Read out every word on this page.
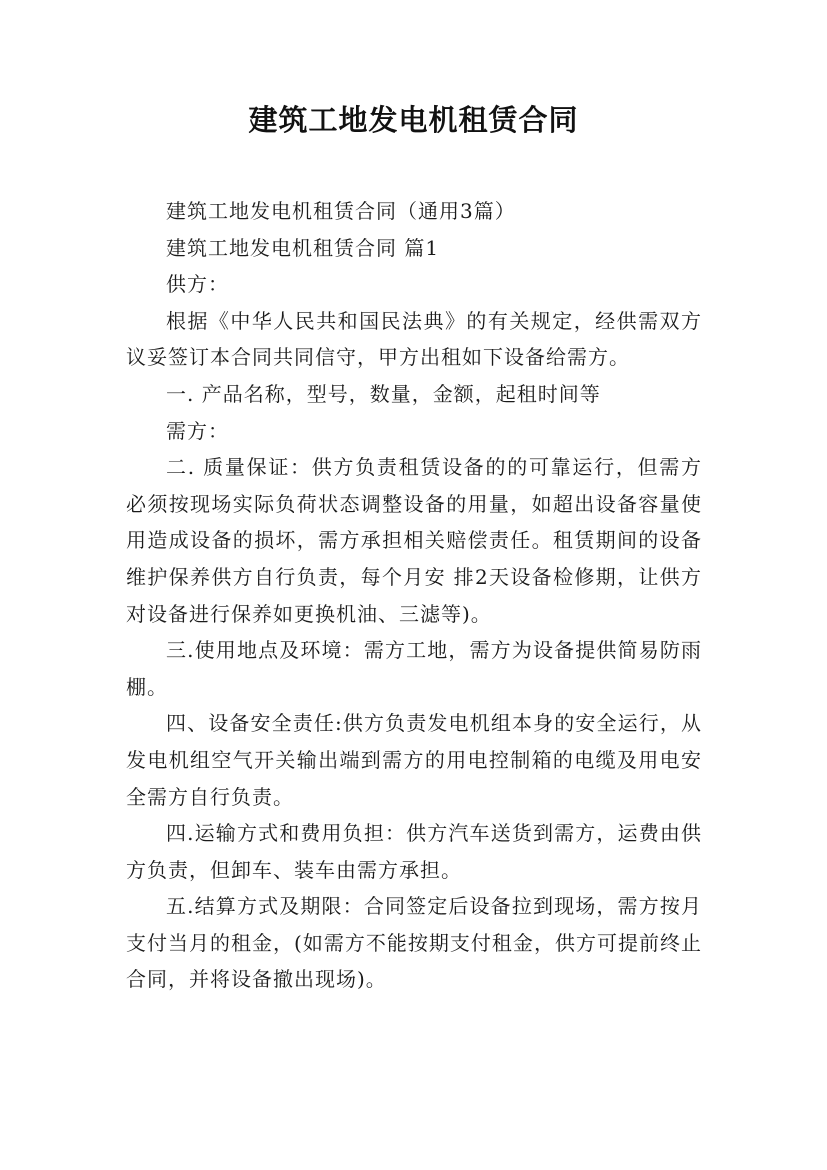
建筑工地发电机租赁合同

建筑工地发电机租赁合同（通用3篇）

建筑工地发电机租赁合同 篇1

供方：

根据《中华人民共和国民法典》的有关规定，经供需双方议妥签订本合同共同信守，甲方出租如下设备给需方。

一. 产品名称，型号，数量，金额，起租时间等

需方：

二. 质量保证：供方负责租赁设备的的可靠运行，但需方必须按现场实际负荷状态调整设备的用量，如超出设备容量使用造成设备的损坏，需方承担相关赔偿责任。租赁期间的设备维护保养供方自行负责，每个月安 排2天设备检修期，让供方对设备进行保养如更换机油、三滤等)。

三.使用地点及环境：需方工地，需方为设备提供简易防雨棚。

四、设备安全责任:供方负责发电机组本身的安全运行，从发电机组空气开关输出端到需方的用电控制箱的电缆及用电安全需方自行负责。

四.运输方式和费用负担：供方汽车送货到需方，运费由供方负责，但卸车、装车由需方承担。

五.结算方式及期限：合同签定后设备拉到现场，需方按月支付当月的租金，(如需方不能按期支付租金，供方可提前终止合同，并将设备撤出现场)。
